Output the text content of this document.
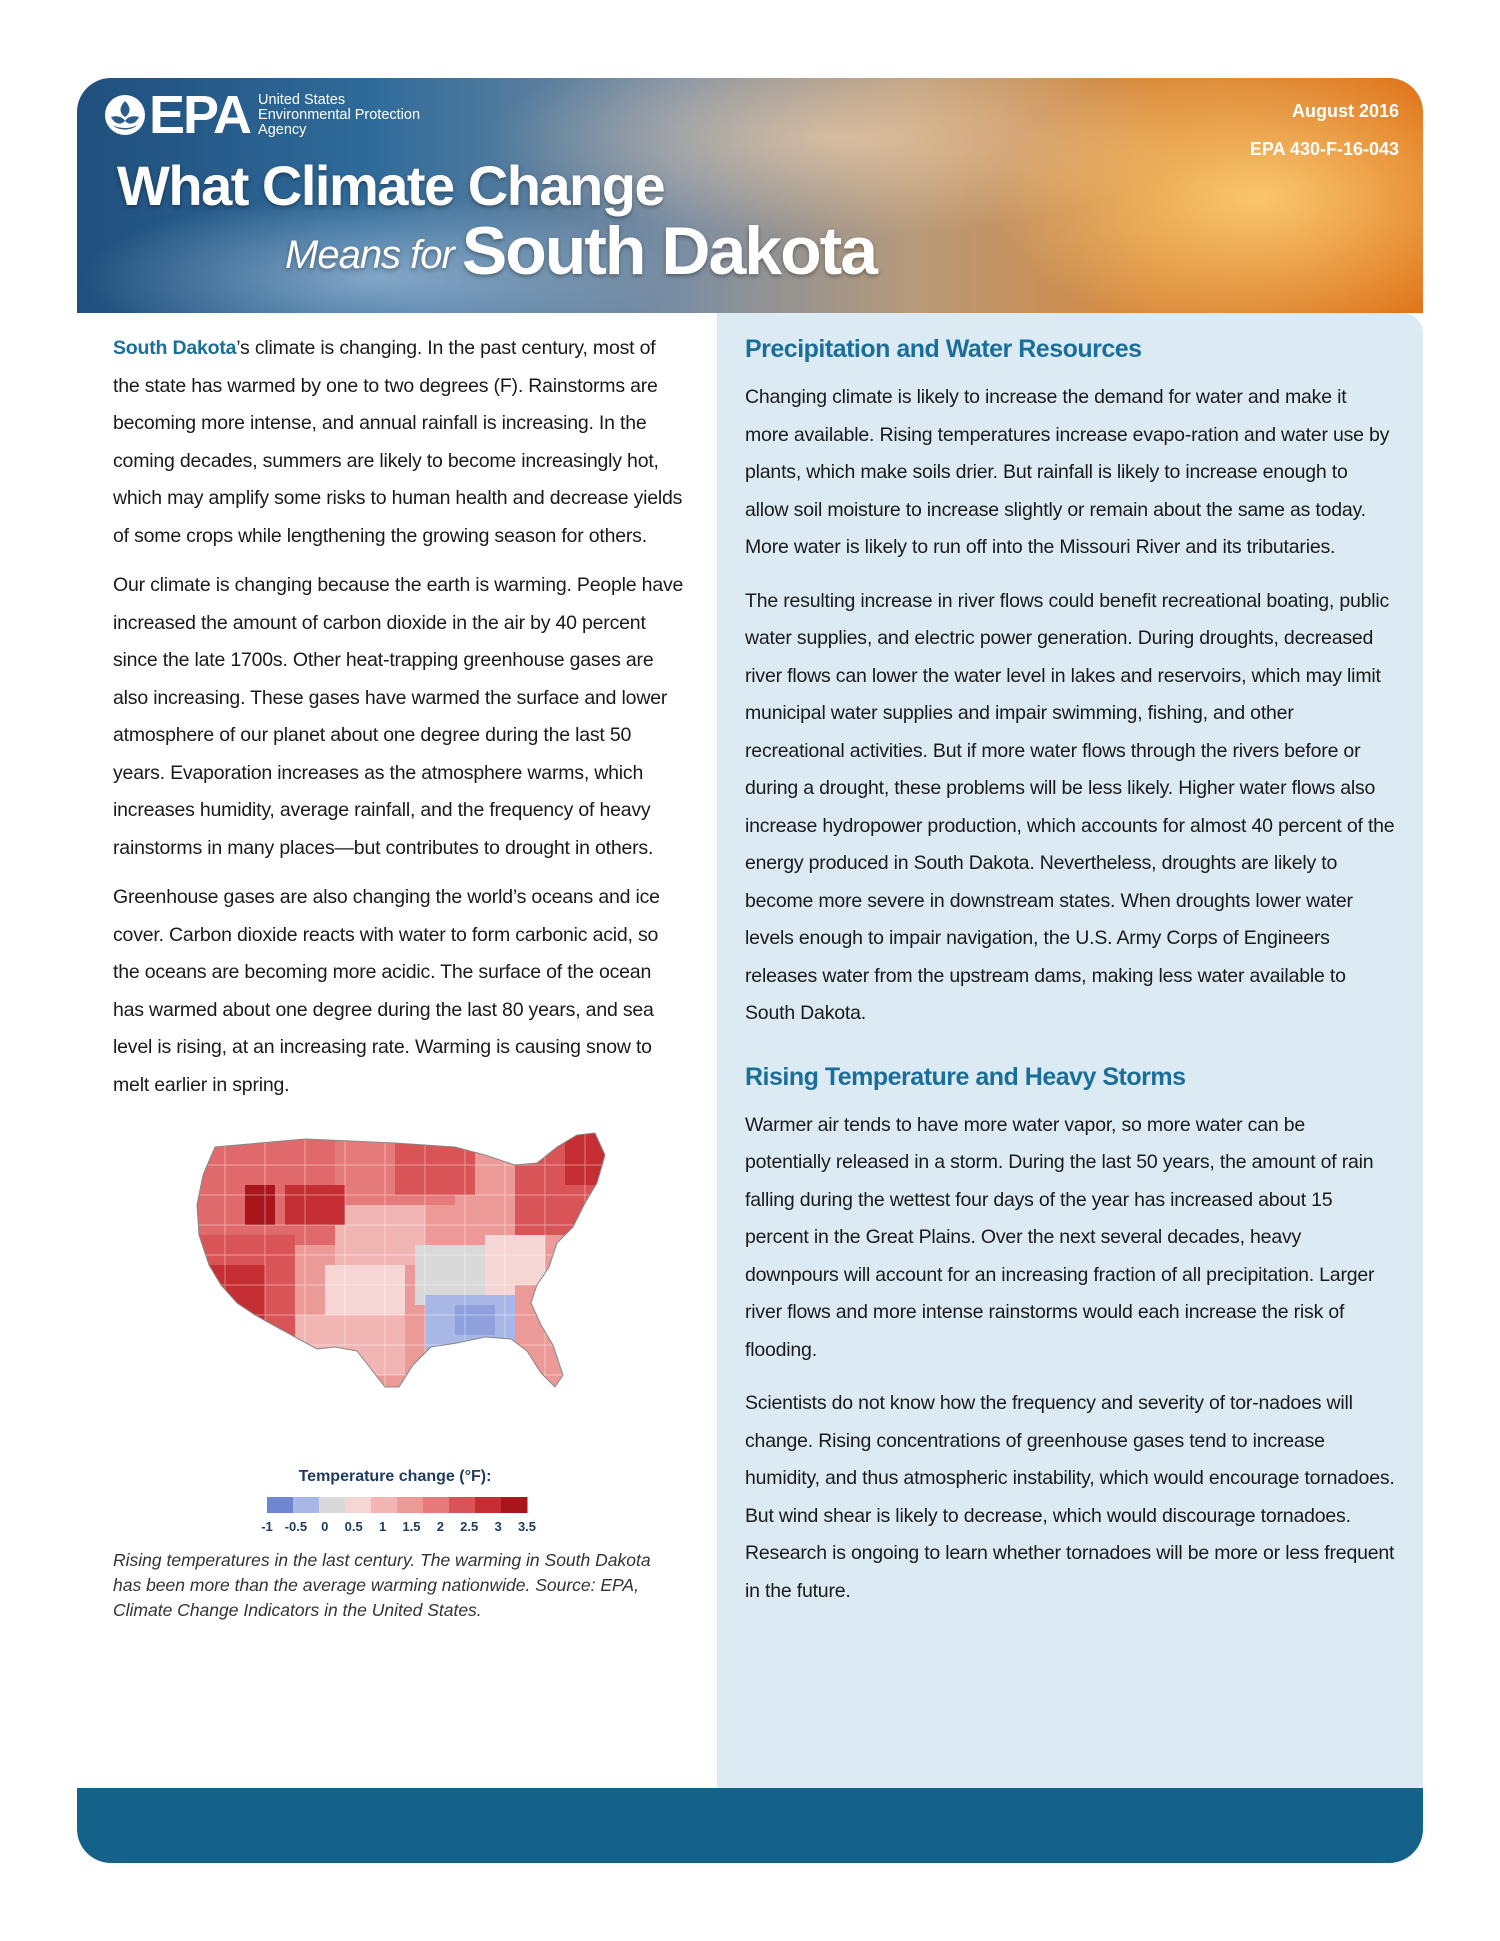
EPA United States
Environmental Protection
Agency
August 2016
EPA 430-F-16-043
What Climate Change
Means for South Dakota

South Dakota’s climate is changing. In the past century, most of the state has warmed by one to two degrees (F). Rainstorms are becoming more intense, and annual rainfall is increasing. In the coming decades, summers are likely to become increasingly hot, which may amplify some risks to human health and decrease yields of some crops while lengthening the growing season for others.

Our climate is changing because the earth is warming. People have increased the amount of carbon dioxide in the air by 40 percent since the late 1700s. Other heat-trapping greenhouse gases are also increasing. These gases have warmed the surface and lower atmosphere of our planet about one degree during the last 50 years. Evaporation increases as the atmosphere warms, which increases humidity, average rainfall, and the frequency of heavy rainstorms in many places—but contributes to drought in others.

Greenhouse gases are also changing the world’s oceans and ice cover. Carbon dioxide reacts with water to form carbonic acid, so the oceans are becoming more acidic. The surface of the ocean has warmed about one degree during the last 80 years, and sea level is rising, at an increasing rate. Warming is causing snow to melt earlier in spring.

Temperature change (°F):
-1 -0.5 0 0.5 1 1.5 2 2.5 3 3.5

Rising temperatures in the last century. The warming in South Dakota has been more than the average warming nationwide. Source: EPA, Climate Change Indicators in the United States.

Precipitation and Water Resources

Changing climate is likely to increase the demand for water and make it more available. Rising temperatures increase evapo-ration and water use by plants, which make soils drier. But rainfall is likely to increase enough to allow soil moisture to increase slightly or remain about the same as today. More water is likely to run off into the Missouri River and its tributaries.

The resulting increase in river flows could benefit recreational boating, public water supplies, and electric power generation. During droughts, decreased river flows can lower the water level in lakes and reservoirs, which may limit municipal water supplies and impair swimming, fishing, and other recreational activities. But if more water flows through the rivers before or during a drought, these problems will be less likely. Higher water flows also increase hydropower production, which accounts for almost 40 percent of the energy produced in South Dakota. Nevertheless, droughts are likely to become more severe in downstream states. When droughts lower water levels enough to impair navigation, the U.S. Army Corps of Engineers releases water from the upstream dams, making less water available to South Dakota.

Rising Temperature and Heavy Storms

Warmer air tends to have more water vapor, so more water can be potentially released in a storm. During the last 50 years, the amount of rain falling during the wettest four days of the year has increased about 15 percent in the Great Plains. Over the next several decades, heavy downpours will account for an increasing fraction of all precipitation. Larger river flows and more intense rainstorms would each increase the risk of flooding.

Scientists do not know how the frequency and severity of tor-nadoes will change. Rising concentrations of greenhouse gases tend to increase humidity, and thus atmospheric instability, which would encourage tornadoes. But wind shear is likely to decrease, which would discourage tornadoes. Research is ongoing to learn whether tornadoes will be more or less frequent in the future.
